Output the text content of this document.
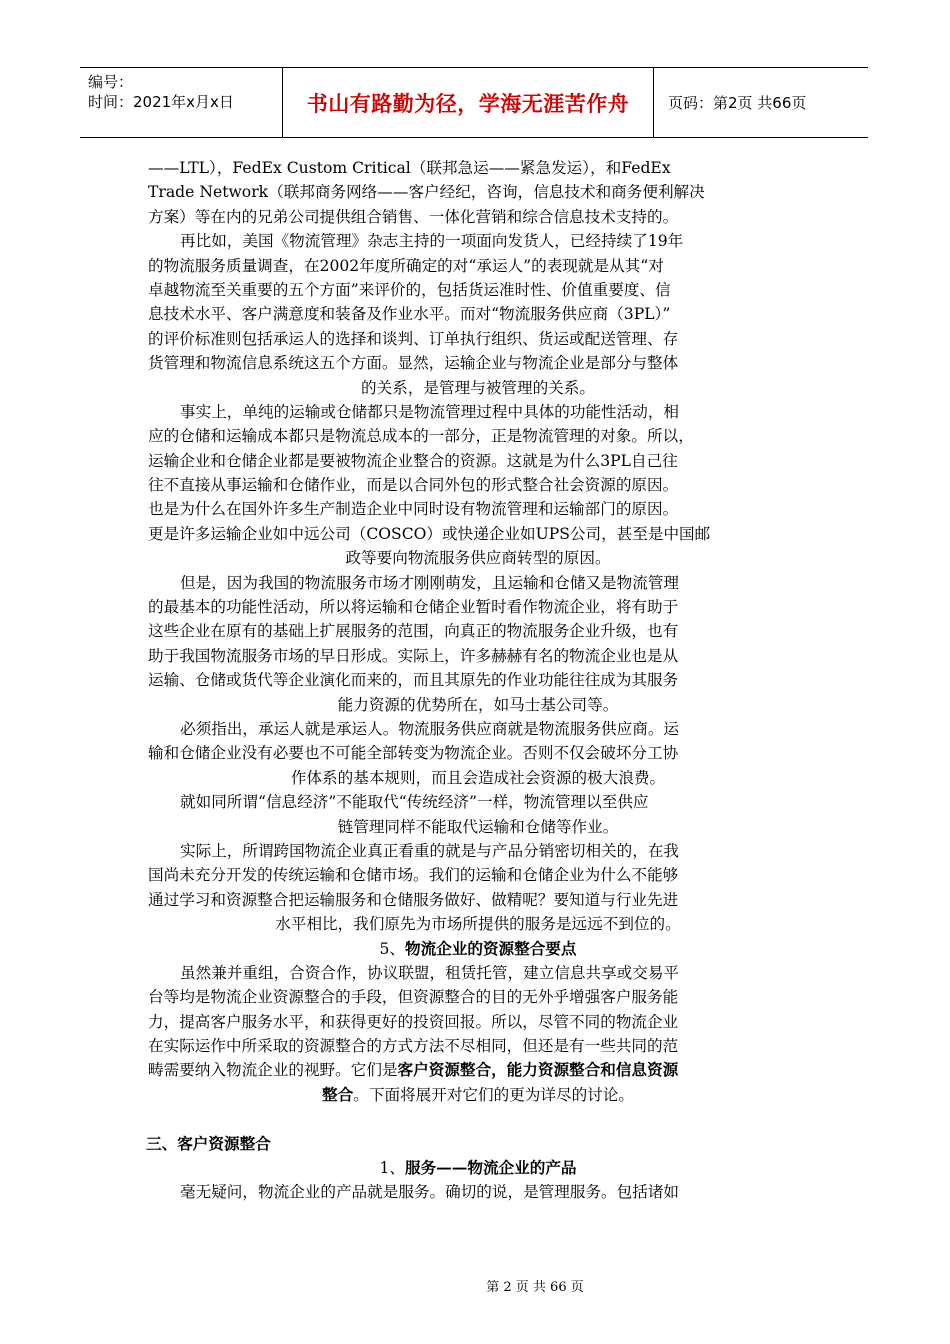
编号：
时间：2021年x月x日	书山有路勤为径，学海无涯苦作舟	页码：第2页 共66页
——LTL），FedEx Custom Critical（联邦急运——紧急发运），和FedEx
Trade Network（联邦商务网络——客户经纪，咨询，信息技术和商务便利解决
方案）等在内的兄弟公司提供组合销售、一体化营销和综合信息技术支持的。
再比如，美国《物流管理》杂志主持的一项面向发货人，已经持续了19年
的物流服务质量调查，在2002年度所确定的对“承运人”的表现就是从其“对
卓越物流至关重要的五个方面”来评价的，包括货运准时性、价值重要度、信
息技术水平、客户满意度和装备及作业水平。而对“物流服务供应商（3PL）”
的评价标准则包括承运人的选择和谈判、订单执行组织、货运或配送管理、存
货管理和物流信息系统这五个方面。显然，运输企业与物流企业是部分与整体
的关系，是管理与被管理的关系。
事实上，单纯的运输或仓储都只是物流管理过程中具体的功能性活动，相
应的仓储和运输成本都只是物流总成本的一部分，正是物流管理的对象。所以，
运输企业和仓储企业都是要被物流企业整合的资源。这就是为什么3PL自己往
往不直接从事运输和仓储作业，而是以合同外包的形式整合社会资源的原因。
也是为什么在国外许多生产制造企业中同时设有物流管理和运输部门的原因。
更是许多运输企业如中远公司（COSCO）或快递企业如UPS公司，甚至是中国邮
政等要向物流服务供应商转型的原因。
但是，因为我国的物流服务市场才刚刚萌发，且运输和仓储又是物流管理
的最基本的功能性活动，所以将运输和仓储企业暂时看作物流企业，将有助于
这些企业在原有的基础上扩展服务的范围，向真正的物流服务企业升级，也有
助于我国物流服务市场的早日形成。实际上，许多赫赫有名的物流企业也是从
运输、仓储或货代等企业演化而来的，而且其原先的作业功能往往成为其服务
能力资源的优势所在，如马士基公司等。
必须指出，承运人就是承运人。物流服务供应商就是物流服务供应商。运
输和仓储企业没有必要也不可能全部转变为物流企业。否则不仅会破坏分工协
作体系的基本规则，而且会造成社会资源的极大浪费。
就如同所谓“信息经济”不能取代“传统经济”一样，物流管理以至供应
链管理同样不能取代运输和仓储等作业。
实际上，所谓跨国物流企业真正看重的就是与产品分销密切相关的，在我
国尚未充分开发的传统运输和仓储市场。我们的运输和仓储企业为什么不能够
通过学习和资源整合把运输服务和仓储服务做好、做精呢？要知道与行业先进
水平相比，我们原先为市场所提供的服务是远远不到位的。
5、 物流企业的资源整合要点
虽然兼并重组，合资合作，协议联盟，租赁托管，建立信息共享或交易平
台等均是物流企业资源整合的手段，但资源整合的目的无外乎增强客户服务能
力，提高客户服务水平，和获得更好的投资回报。所以，尽管不同的物流企业
在实际运作中所采取的资源整合的方式方法不尽相同，但还是有一些共同的范
畴需要纳入物流企业的视野。它们是 客户资源整合，能力资源整合和信息资源
整合 。下面将展开对它们的更为详尽的讨论。
三、客户资源整合
1、 服务——物流企业的产品
毫无疑问，物流企业的产品就是服务。确切的说，是管理服务。包括诸如
第 2 页 共 66 页
